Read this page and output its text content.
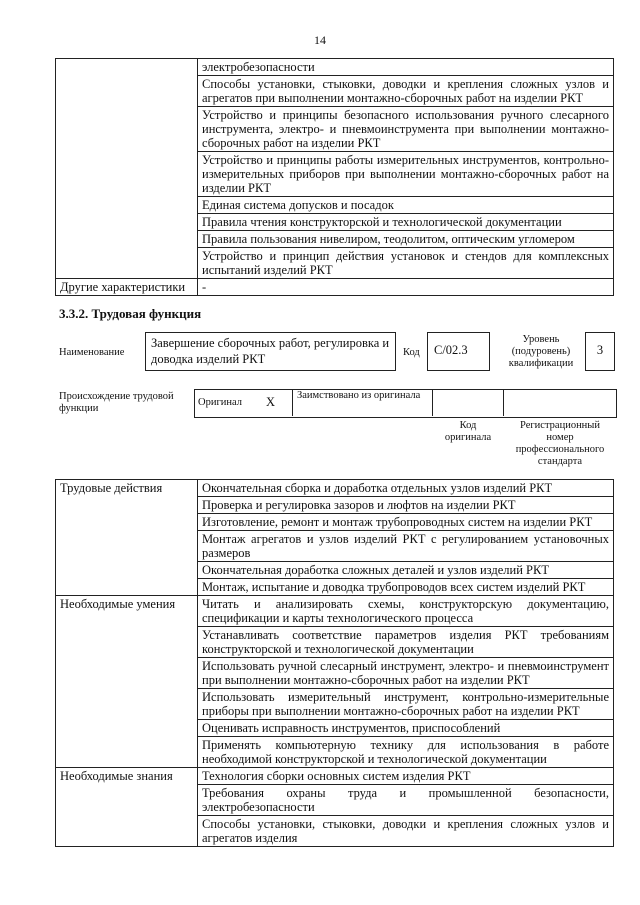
14
	электробезопасности
	Способы установки, стыковки, доводки и крепления сложных узлов и агрегатов при выполнении монтажно-сборочных работ на изделии РКТ
	Устройство и принципы безопасного использования ручного слесарного инструмента, электро- и пневмоинструмента при выполнении монтажно-сборочных работ на изделии РКТ
	Устройство и принципы работы измерительных инструментов, контрольно-измерительных приборов при выполнении монтажно-сборочных работ на изделии РКТ
	Единая система допусков и посадок
	Правила чтения конструкторской и технологической документации
	Правила пользования нивелиром, теодолитом, оптическим угломером
	Устройство и принцип действия установок и стендов для комплексных испытаний изделий РКТ
Другие характеристики	-
3.3.2. Трудовая функция
Наименование
Завершение сборочных работ, регулировка и доводка изделий РКТ	Код	С/02.3
Уровень (подуровень) квалификации
3
Происхождение трудовой функции
Оригинал Х Заимствовано из оригинала
Код оригинала
Регистрационный номер профессионального стандарта
Трудовые действия	Окончательная сборка и доработка отдельных узлов изделий РКТ
	Проверка и регулировка зазоров и люфтов на изделии РКТ
	Изготовление, ремонт и монтаж трубопроводных систем на изделии РКТ
	Монтаж агрегатов и узлов изделий РКТ с регулированием установочных размеров
	Окончательная доработка сложных деталей и узлов изделий РКТ
	Монтаж, испытание и доводка трубопроводов всех систем изделий РКТ
Необходимые умения	Читать и анализировать схемы, конструкторскую документацию, спецификации и карты технологического процесса
	Устанавливать соответствие параметров изделия РКТ требованиям конструкторской и технологической документации
	Использовать ручной слесарный инструмент, электро- и пневмоинструмент при выполнении монтажно-сборочных работ на изделии РКТ
	Использовать измерительный инструмент, контрольно-измерительные приборы при выполнении монтажно-сборочных работ на изделии РКТ
	Оценивать исправность инструментов, приспособлений
	Применять компьютерную технику для использования в работе необходимой конструкторской и технологической документации
Необходимые знания	Технология сборки основных систем изделия РКТ
	Требования охраны труда и промышленной безопасности, электробезопасности
	Способы установки, стыковки, доводки и крепления сложных узлов и агрегатов изделия
